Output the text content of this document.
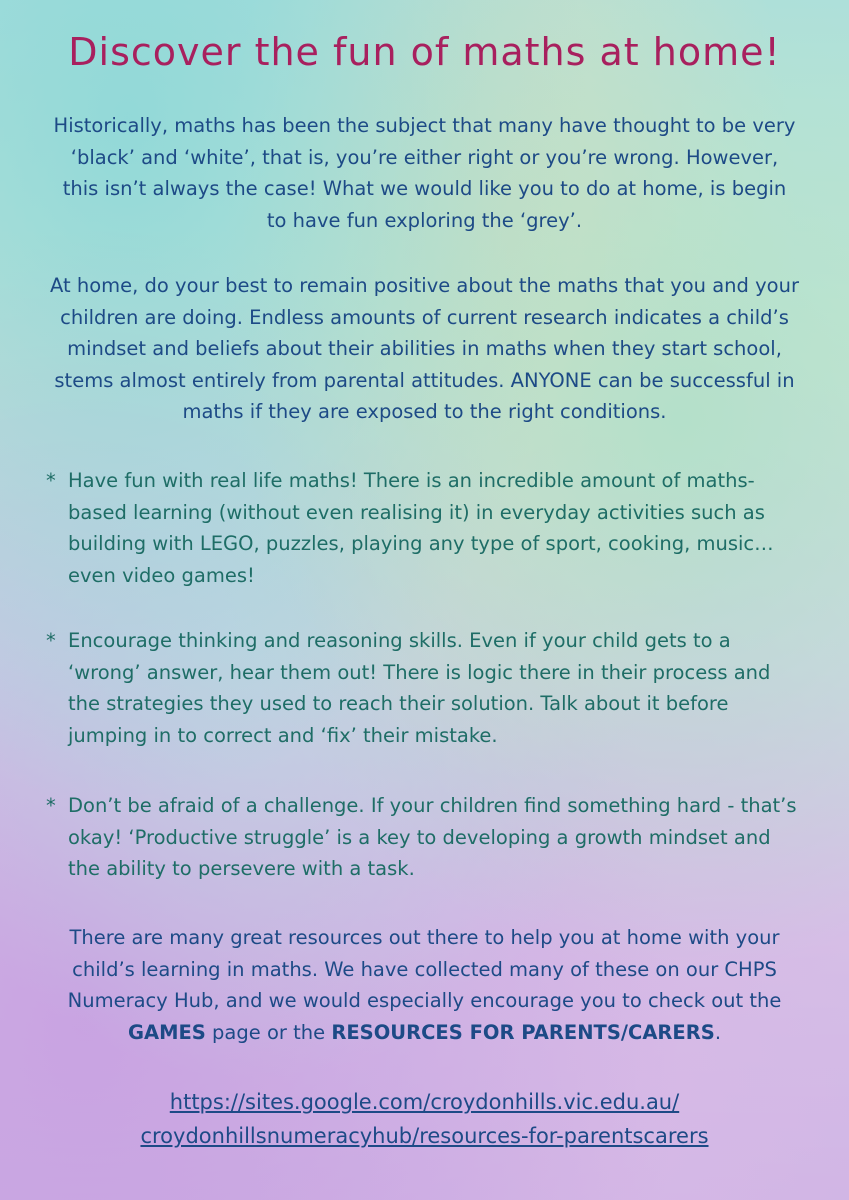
Discover the fun of maths at home!

Historically, maths has been the subject that many have thought to be very ‘black’ and ‘white’, that is, you’re either right or you’re wrong. However, this isn’t always the case! What we would like you to do at home, is begin to have fun exploring the ‘grey’.

At home, do your best to remain positive about the maths that you and your children are doing. Endless amounts of current research indicates a child’s mindset and beliefs about their abilities in maths when they start school, stems almost entirely from parental attitudes. ANYONE can be successful in maths if they are exposed to the right conditions.

* Have fun with real life maths! There is an incredible amount of maths-based learning (without even realising it) in everyday activities such as building with LEGO, puzzles, playing any type of sport, cooking, music… even video games!
* Encourage thinking and reasoning skills. Even if your child gets to a ‘wrong’ answer, hear them out! There is logic there in their process and the strategies they used to reach their solution. Talk about it before jumping in to correct and ‘fix’ their mistake.
* Don’t be afraid of a challenge. If your children find something hard - that’s okay! ‘Productive struggle’ is a key to developing a growth mindset and the ability to persevere with a task.

There are many great resources out there to help you at home with your child’s learning in maths. We have collected many of these on our CHPS Numeracy Hub, and we would especially encourage you to check out the GAMES page or the RESOURCES FOR PARENTS/CARERS.

https://sites.google.com/croydonhills.vic.edu.au/
croydonhillsnumeracyhub/resources-for-parentscarers
